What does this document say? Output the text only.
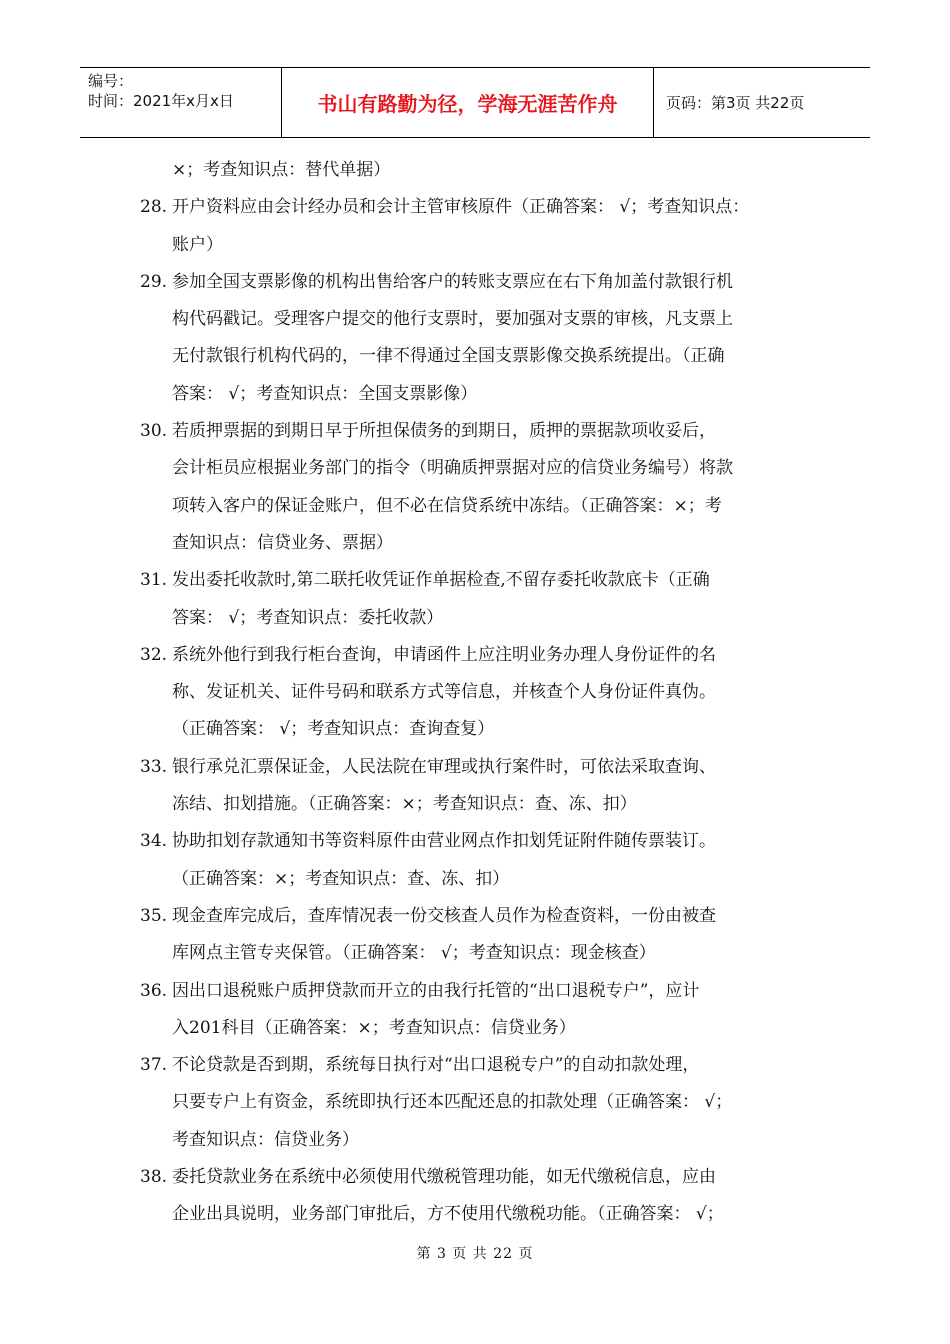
编号：
时间：2021年x月x日	书山有路勤为径，学海无涯苦作舟	页码：第3页 共22页
×；考查知识点：替代单据）
28. 开户资料应由会计经办员和会计主管审核原件（正确答案： √；考查知识点：
账户）
29. 参加全国支票影像的机构出售给客户的转账支票应在右下角加盖付款银行机
构代码戳记。受理客户提交的他行支票时，要加强对支票的审核，凡支票上
无付款银行机构代码的，一律不得通过全国支票影像交换系统提出。（正确
答案： √；考查知识点：全国支票影像）
30. 若质押票据的到期日早于所担保债务的到期日，质押的票据款项收妥后，
会计柜员应根据业务部门的指令（明确质押票据对应的信贷业务编号）将款
项转入客户的保证金账户，但不必在信贷系统中冻结。（正确答案：×；考
查知识点：信贷业务、票据）
31. 发出委托收款时,第二联托收凭证作单据检查,不留存委托收款底卡（正确
答案： √；考查知识点：委托收款）
32. 系统外他行到我行柜台查询，申请函件上应注明业务办理人身份证件的名
称、发证机关、证件号码和联系方式等信息，并核查个人身份证件真伪。
（正确答案： √；考查知识点：查询查复）
33. 银行承兑汇票保证金，人民法院在审理或执行案件时，可依法采取查询、
冻结、扣划措施。（正确答案：×；考查知识点：查、冻、扣）
34. 协助扣划存款通知书等资料原件由营业网点作扣划凭证附件随传票装订。
（正确答案：×；考查知识点：查、冻、扣）
35. 现金查库完成后，查库情况表一份交核查人员作为检查资料，一份由被查
库网点主管专夹保管。（正确答案： √；考查知识点：现金核查）
36. 因出口退税账户质押贷款而开立的由我行托管的“出口退税专户”，应计
入201科目（正确答案：×；考查知识点：信贷业务）
37. 不论贷款是否到期，系统每日执行对“出口退税专户”的自动扣款处理，
只要专户上有资金，系统即执行还本匹配还息的扣款处理（正确答案： √；
考查知识点：信贷业务）
38. 委托贷款业务在系统中必须使用代缴税管理功能，如无代缴税信息，应由
企业出具说明，业务部门审批后，方不使用代缴税功能。（正确答案： √；
第 3 页 共 22 页
